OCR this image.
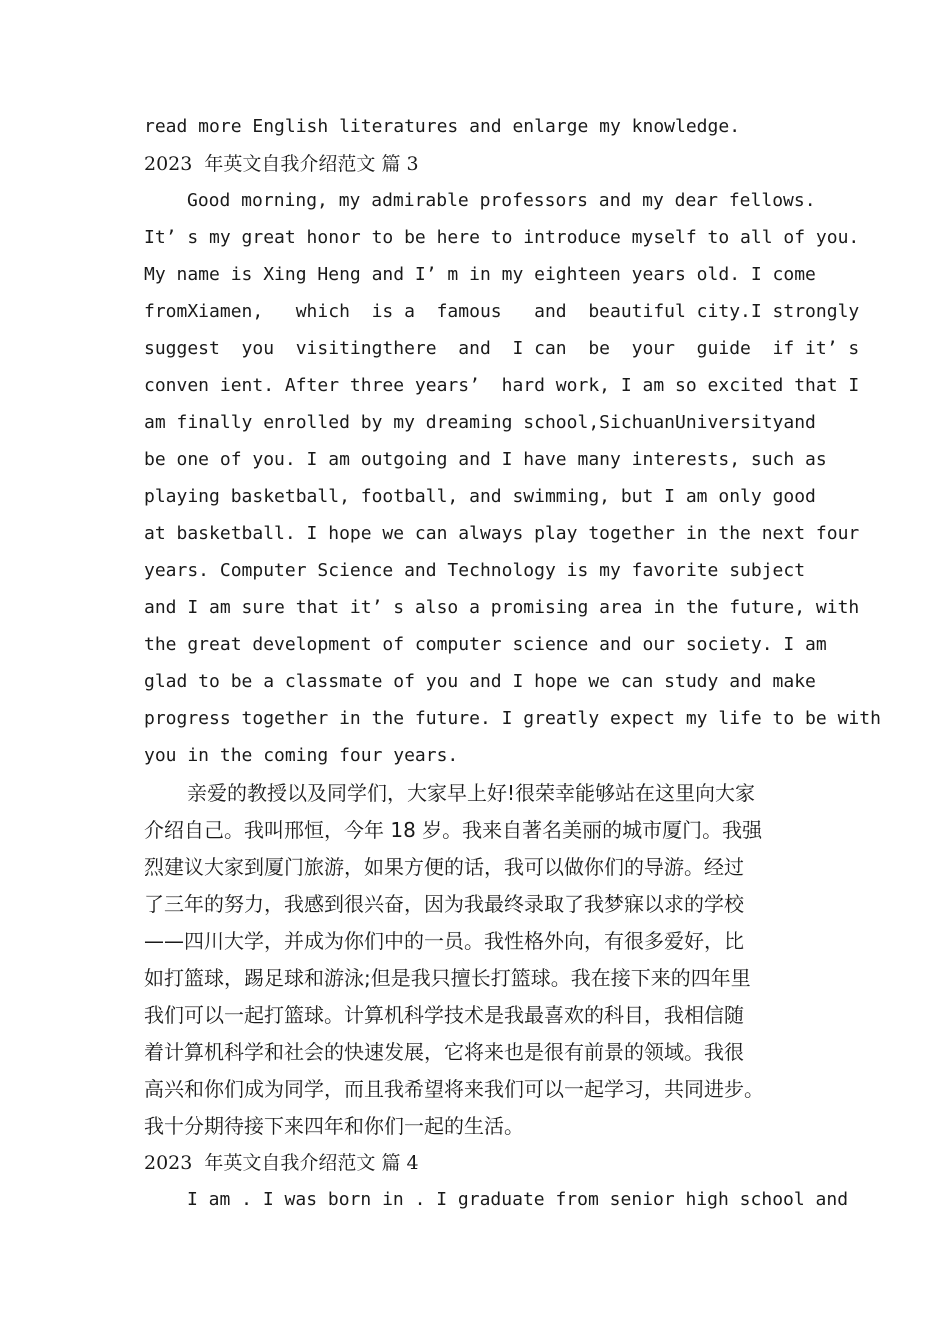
read more English literatures and enlarge my knowledge.

2023  年英文自我介绍范文 篇 3

Good morning, my admirable professors and my dear fellows.

It’ s my great honor to be here to introduce myself to all of you.

My name is Xing Heng and I’ m in my eighteen years old. I come

fromXiamen,   which  is a  famous   and  beautiful city.I strongly

suggest  you  visitingthere  and  I can  be  your  guide  if it’ s

conven ient. After three years’  hard work, I am so excited that I

am finally enrolled by my dreaming school,SichuanUniversityand

be one of you. I am outgoing and I have many interests, such as

playing basketball, football, and swimming, but I am only good

at basketball. I hope we can always play together in the next four

years. Computer Science and Technology is my favorite subject

and I am sure that it’ s also a promising area in the future, with

the great development of computer science and our society. I am

glad to be a classmate of you and I hope we can study and make

progress together in the future. I greatly expect my life to be with

you in the coming four years.

亲爱的教授以及同学们，大家早上好!很荣幸能够站在这里向大家

介绍自己。我叫邢恒，今年 18 岁。我来自著名美丽的城市厦门。我强

烈建议大家到厦门旅游，如果方便的话，我可以做你们的导游。经过

了三年的努力，我感到很兴奋，因为我最终录取了我梦寐以求的学校

——四川大学，并成为你们中的一员。我性格外向，有很多爱好，比

如打篮球，踢足球和游泳;但是我只擅长打篮球。我在接下来的四年里

我们可以一起打篮球。计算机科学技术是我最喜欢的科目，我相信随

着计算机科学和社会的快速发展，它将来也是很有前景的领域。我很

高兴和你们成为同学，而且我希望将来我们可以一起学习，共同进步。

我十分期待接下来四年和你们一起的生活。

2023  年英文自我介绍范文 篇 4

I am . I was born in . I graduate from senior high school and
